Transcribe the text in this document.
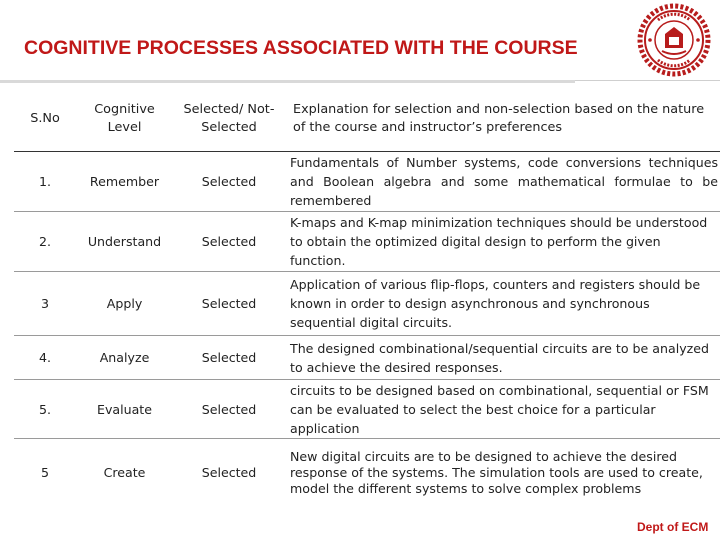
COGNITIVE PROCESSES ASSOCIATED WITH THE COURSE
S.No	Cognitive Level	Selected/ Not-Selected	Explanation for selection and non-selection based on the nature of the course and instructor’s preferences
1.	Remember	Selected	Fundamentals of Number systems, code conversions techniques and Boolean algebra and some mathematical formulae to be remembered
2.	Understand	Selected	K-maps and K-map minimization techniques should be understood to obtain the optimized digital design to perform the given function.
3	Apply	Selected	Application of various flip-flops, counters and registers should be known in order to design asynchronous and synchronous sequential digital circuits.
4.	Analyze	Selected	The designed combinational/sequential circuits are to be analyzed to achieve the desired responses.
5.	Evaluate	Selected	circuits to be designed based on combinational, sequential or FSM can be evaluated to select the best choice for a particular application
5	Create	Selected	New digital circuits are to be designed to achieve the desired response of the systems. The simulation tools are used to create, model the different systems to solve complex problems
Dept of ECM
